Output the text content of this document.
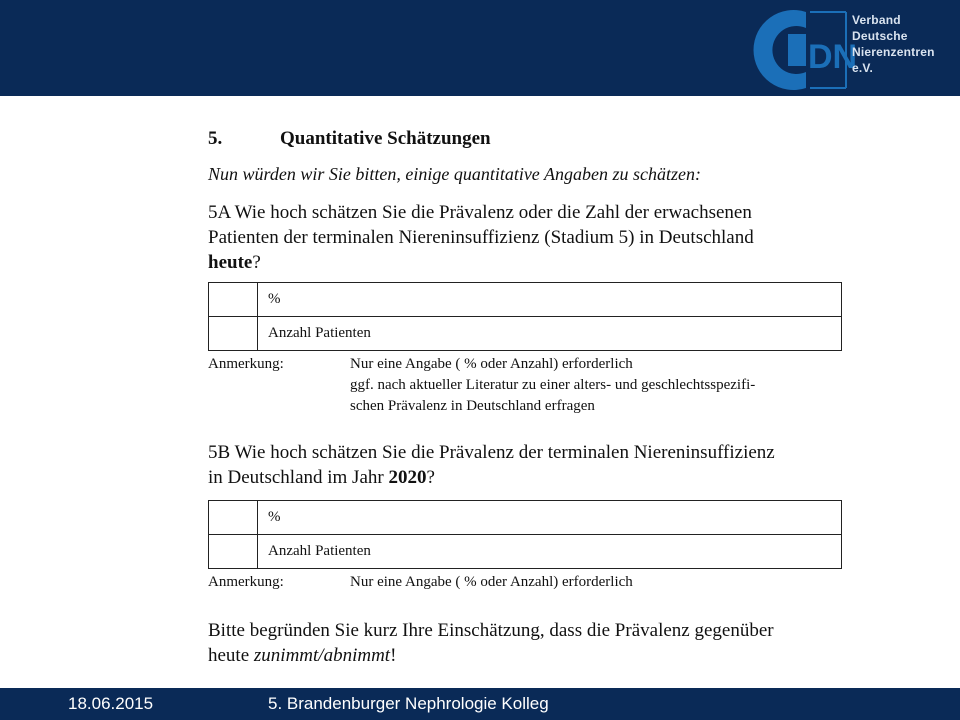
DN
Verband
Deutsche
Nierenzentren
e.V.
5.	Quantitative Schätzungen
Nun würden wir Sie bitten, einige quantitative Angaben zu schätzen:
5A Wie hoch schätzen Sie die Prävalenz oder die Zahl der erwachsenen
Patienten der terminalen Niereninsuffizienz (Stadium 5) in Deutschland
heute?
	%
	Anzahl Patienten
Anmerkung:	Nur eine Angabe ( % oder Anzahl) erforderlich
ggf. nach aktueller Literatur zu einer alters- und geschlechtsspezifi-
schen Prävalenz in Deutschland erfragen
5B Wie hoch schätzen Sie die Prävalenz der terminalen Niereninsuffizienz
in Deutschland im Jahr 2020?
	%
	Anzahl Patienten
Anmerkung:	Nur eine Angabe ( % oder Anzahl) erforderlich
Bitte begründen Sie kurz Ihre Einschätzung, dass die Prävalenz gegenüber
heute zunimmt/abnimmt!
18.06.2015	5. Brandenburger Nephrologie Kolleg
